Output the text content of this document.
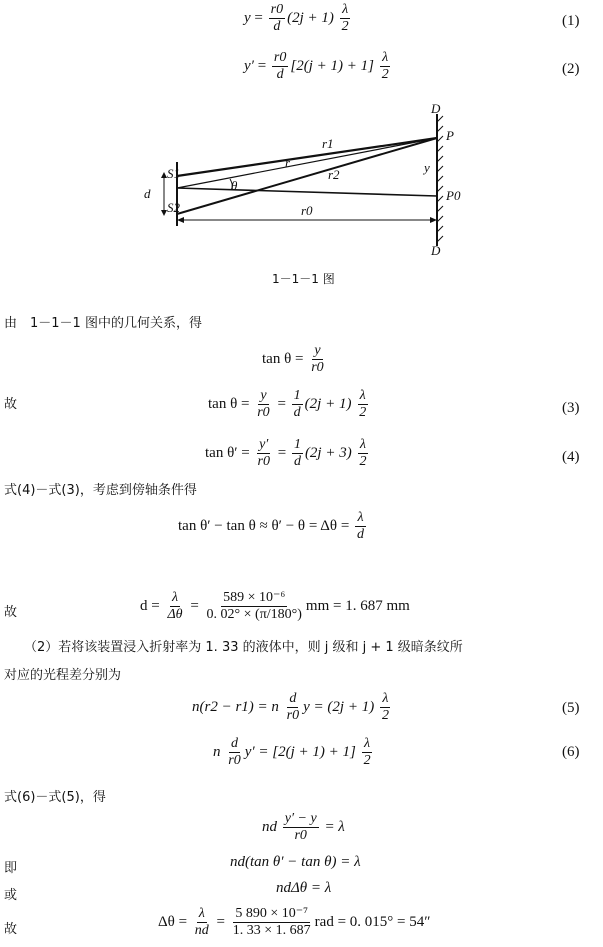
$y = \frac{r0}{d} (2j + 1) \frac{\lambda}{2}$	(1)
$y' = \frac{r0}{d} [2(j + 1) + 1] \frac{\lambda}{2}$	(2)
D
D
P
P0
S1
S2
d
r1
r
r2
θ
y
r0
1－1－1 图
由　1－1－1 图中的几何关系，得
$\tan \theta = \frac{y}{r0}$
故	$\tan \theta = \frac{y}{r0} = \frac{1}{d} (2j + 1) \frac{\lambda}{2}$	(3)
$\tan \theta' = \frac{y'}{r0} = \frac{1}{d} (2j + 3) \frac{\lambda}{2}$	(4)
式(4)－式(3)，考虑到傍轴条件得
$\tan \theta' - \tan \theta \approx \theta' - \theta = \Delta\theta = \frac{\lambda}{d}$
故	$d = \frac{\lambda}{\Delta\theta} = \frac{\text{589 × 10⁻⁶}}{0. 02^\circ \times (\pi/180^\circ)}$ mm = 1. 687 mm
（2）若将该装置浸入折射率为 1. 33 的液体中，则 j 级和 j + 1 级暗条纹所
对应的光程差分别为
n(r2 − r1) = n $\frac{d}{r0}$ $y = (2j + 1) \frac{\lambda}{2}$	(5)
n $\frac{d}{r0} y' = [2(j + 1) + 1] \frac{\lambda}{2}$	(6)
式(6)－式(5)，得
nd $\frac{y' - y}{r0} = \lambda$
即	nd(tan θ′ − tan θ) = λ
或	ndΔθ = λ
故	$\Delta\theta = \frac{\lambda}{nd} = \frac{\text{5 890 × 10⁻⁷}}{1. 33 \times 1. 687}$ rad = 0. 015° = 54″
